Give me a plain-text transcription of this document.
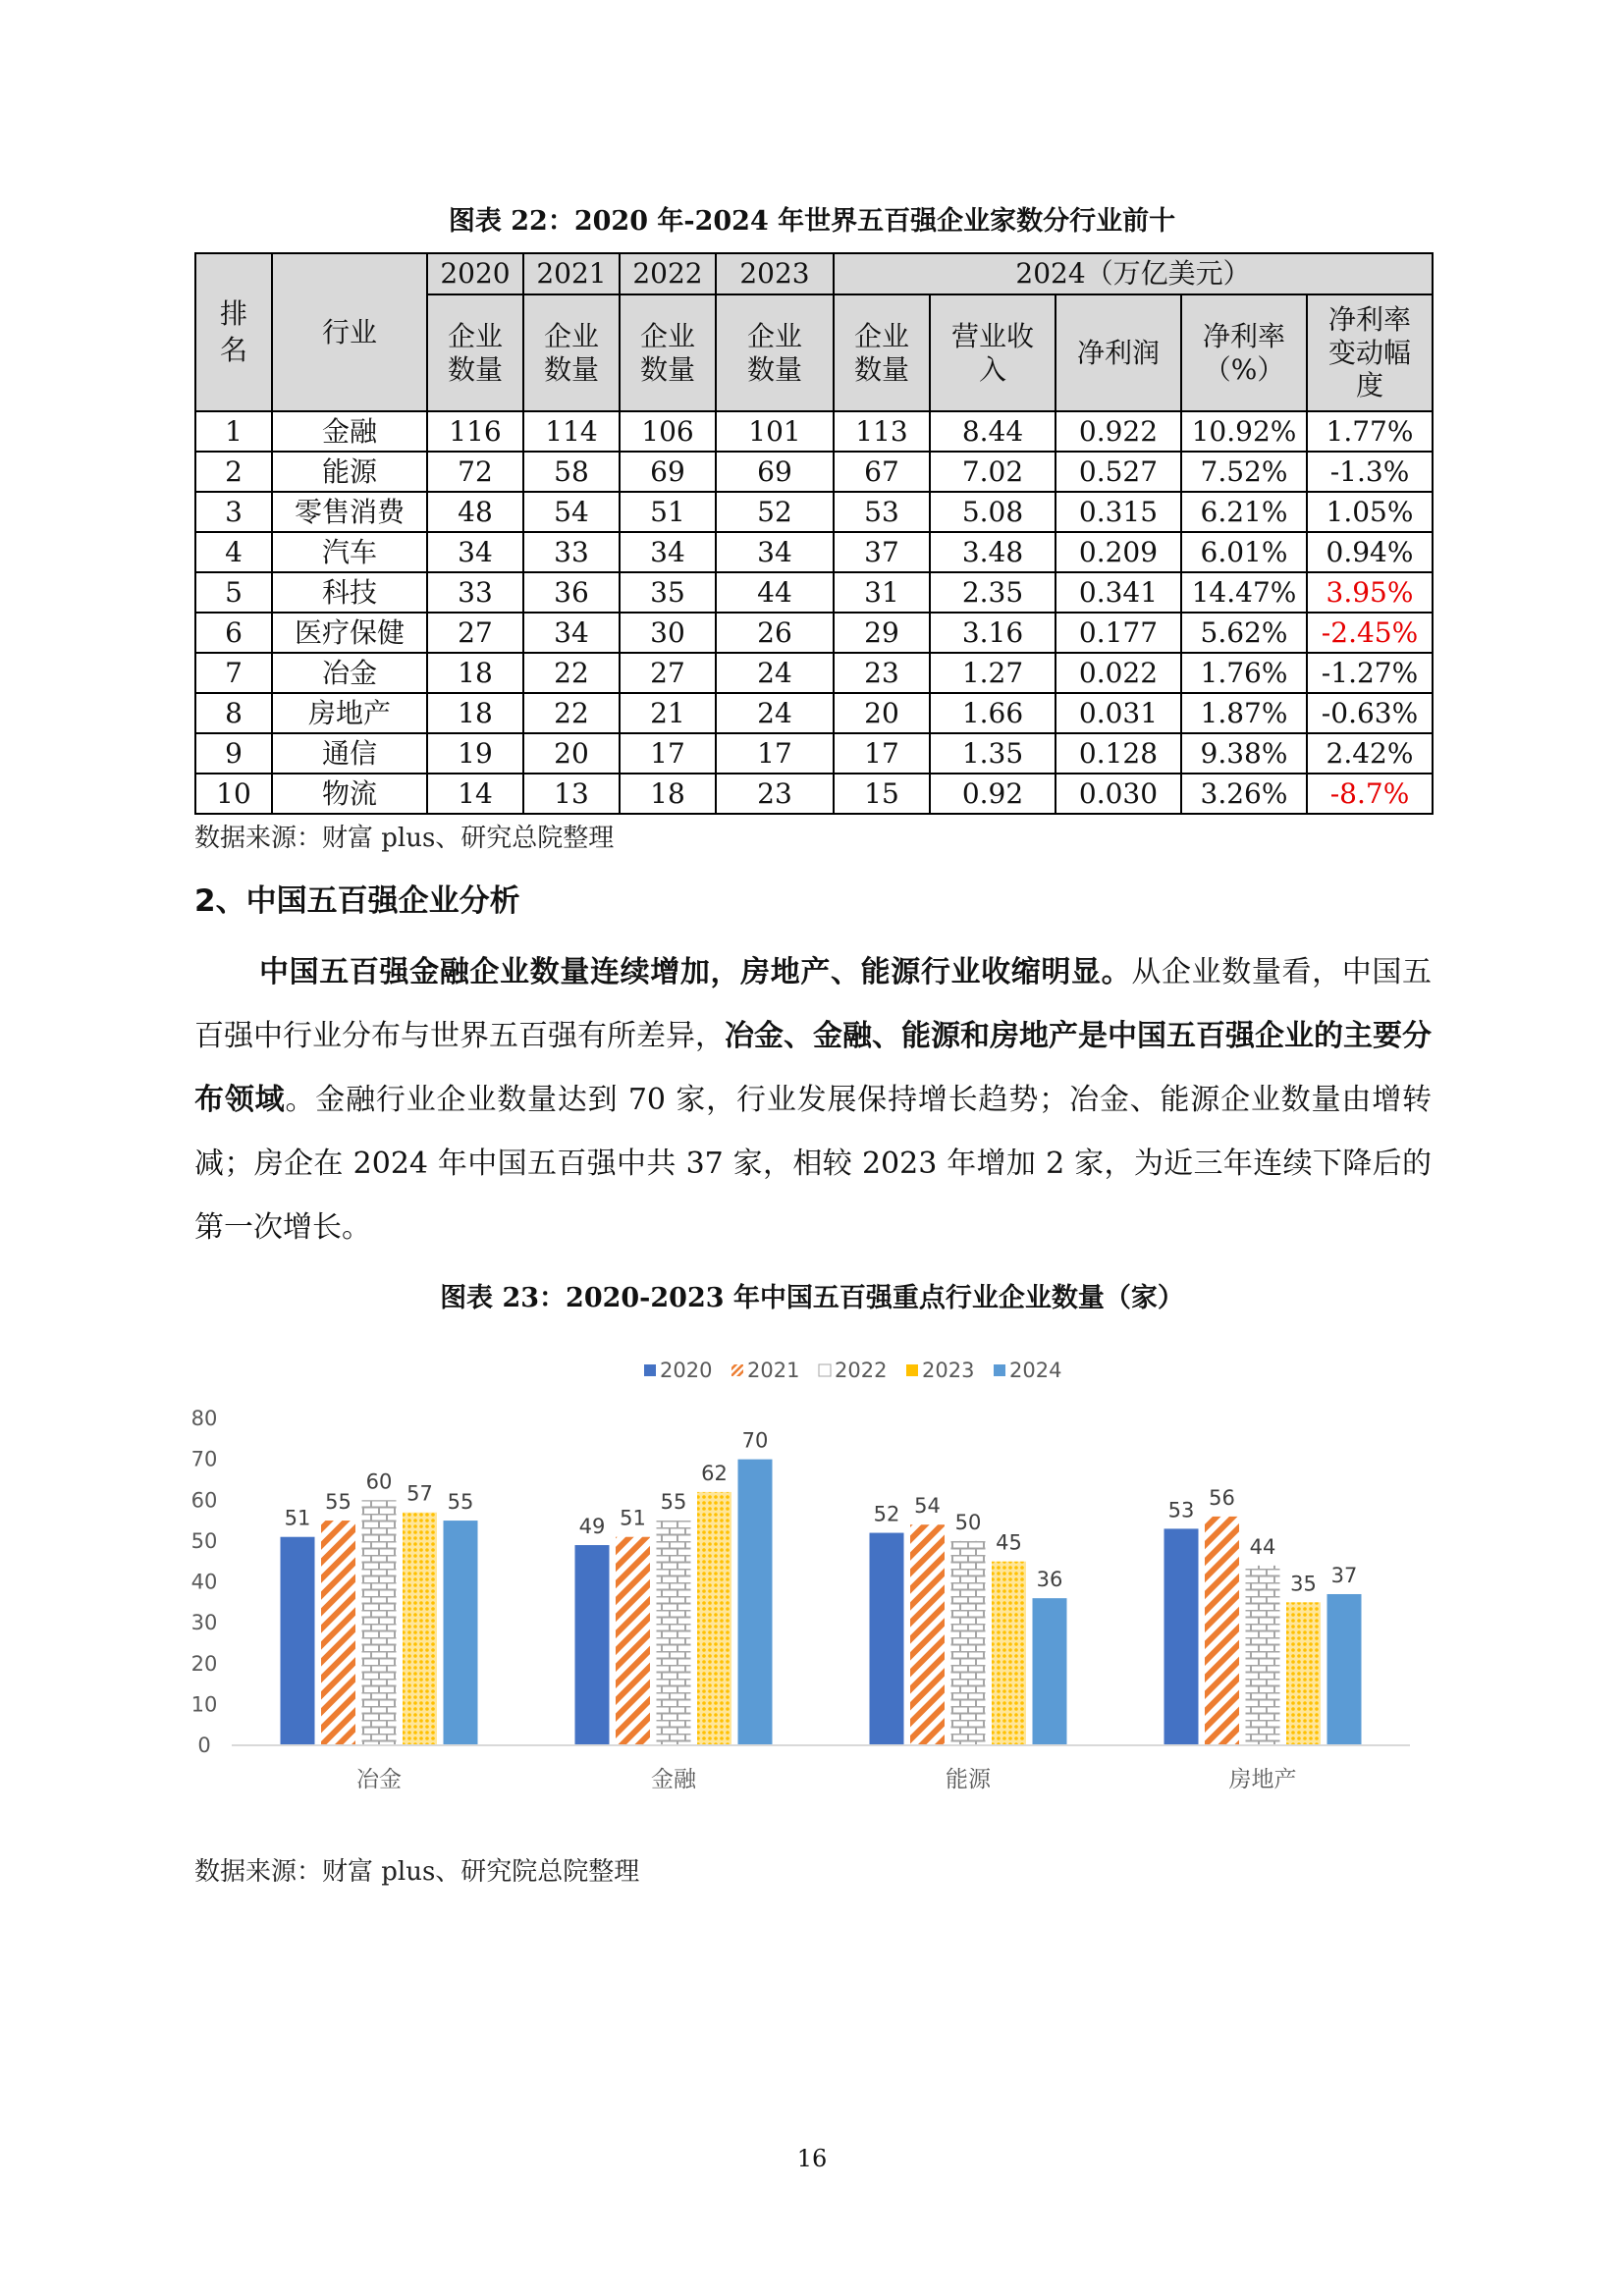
图表 22：2020 年-2024 年世界五百强企业家数分行业前十
排名	行业	2020	2021	2022	2023	2024（万亿美元）				
		企业数量	企业数量	企业数量	企业数量	企业数量	营业收入	净利润	净利率（%）	净利率变动幅度
1	金融	116	114	106	101	113	8.44	0.922	10.92%	1.77%
2	能源	72	58	69	69	67	7.02	0.527	7.52%	-1.3%
3	零售消费	48	54	51	52	53	5.08	0.315	6.21%	1.05%
4	汽车	34	33	34	34	37	3.48	0.209	6.01%	0.94%
5	科技	33	36	35	44	31	2.35	0.341	14.47%	3.95%
6	医疗保健	27	34	30	26	29	3.16	0.177	5.62%	-2.45%
7	冶金	18	22	27	24	23	1.27	0.022	1.76%	-1.27%
8	房地产	18	22	21	24	20	1.66	0.031	1.87%	-0.63%
9	通信	19	20	17	17	17	1.35	0.128	9.38%	2.42%
10	物流	14	13	18	23	15	0.92	0.030	3.26%	-8.7%
数据来源：财富 plus、研究总院整理
2、中国五百强企业分析

中国五百强金融企业数量连续增加，房地产、能源行业收缩明显。从企业数量看，中国五百强中行业分布与世界五百强有所差异，冶金、金融、能源和房地产是中国五百强企业的主要分布领域。金融行业企业数量达到 70 家，行业发展保持增长趋势；冶金、能源企业数量由增转减；房企在 2024 年中国五百强中共 37 家，相较 2023 年增加 2 家，为近三年连续下降后的第一次增长。

图表 23：2020-2023 年中国五百强重点行业企业数量（家）
2020 2021 2022 2023 2024
0
10
20
30
40
50
60
70
80
51
55
60
57 55
49 51
55
62
70
52 54
50
45
36
53
56
44
35 37
冶金	金融	能源	房地产
数据来源：财富 plus、研究院总院整理
16
